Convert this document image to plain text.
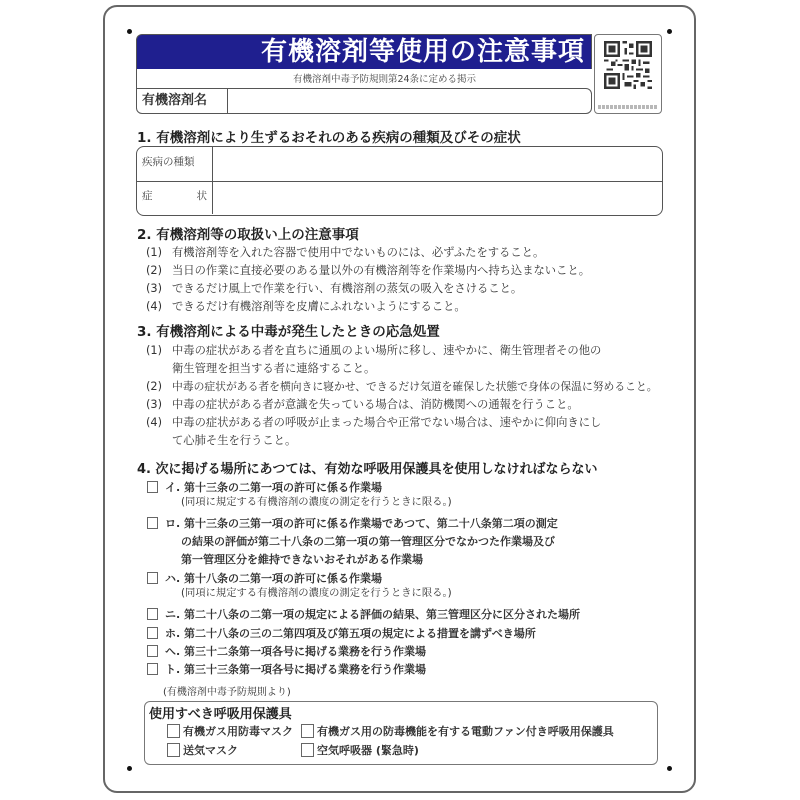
有機溶剤等使用の注意事項
有機溶剤中毒予防規則第24条に定める掲示
有機溶剤名
1. 有機溶剤により生ずるおそれのある疾病の種類及びその症状
疾病の種類
症	状
2. 有機溶剤等の取扱い上の注意事項
(1) 有機溶剤等を入れた容器で使用中でないものには、必ずふたをすること。
(2) 当日の作業に直接必要のある量以外の有機溶剤等を作業場内へ持ち込まないこと。
(3) できるだけ風上で作業を行い、有機溶剤の蒸気の吸入をさけること。
(4) できるだけ有機溶剤等を皮膚にふれないようにすること。
3. 有機溶剤による中毒が発生したときの応急処置
(1) 中毒の症状がある者を直ちに通風のよい場所に移し、速やかに、衛生管理者その他の
衛生管理を担当する者に連絡すること。
(2) 中毒の症状がある者を横向きに寝かせ、できるだけ気道を確保した状態で身体の保温に努めること。
(3) 中毒の症状がある者が意識を失っている場合は、消防機関への通報を行うこと。
(4) 中毒の症状がある者の呼吸が止まった場合や正常でない場合は、速やかに仰向きにし
て心肺そ生を行うこと。
4. 次に掲げる場所にあつては、有効な呼吸用保護具を使用しなければならない
イ. 第十三条の二第一項の許可に係る作業場
(同項に規定する有機溶剤の濃度の測定を行うときに限る。)
ロ. 第十三条の三第一項の許可に係る作業場であつて、第二十八条第二項の測定
の結果の評価が第二十八条の二第一項の第一管理区分でなかつた作業場及び
第一管理区分を維持できないおそれがある作業場
ハ. 第十八条の二第一項の許可に係る作業場
(同項に規定する有機溶剤の濃度の測定を行うときに限る。)
ニ. 第二十八条の二第一項の規定による評価の結果、第三管理区分に区分された場所
ホ. 第二十八条の三の二第四項及び第五項の規定による措置を講ずべき場所
ヘ. 第三十二条第一項各号に掲げる業務を行う作業場
ト. 第三十三条第一項各号に掲げる業務を行う作業場
(有機溶剤中毒予防規則より)
使用すべき呼吸用保護具
有機ガス用防毒マスク 有機ガス用の防毒機能を有する電動ファン付き呼吸用保護具
送気マスク	空気呼吸器 (緊急時)
